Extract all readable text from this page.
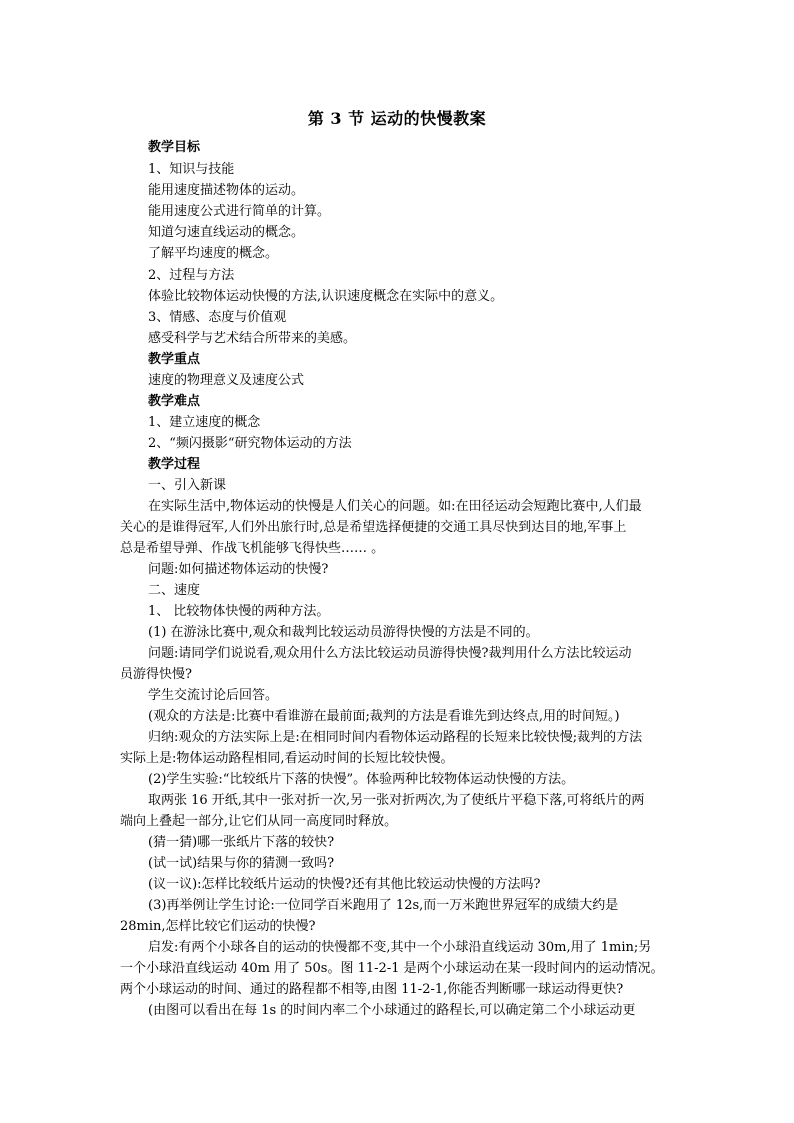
第 3 节 运动的快慢教案
教学目标
1、知识与技能
能用速度描述物体的运动。
能用速度公式进行简单的计算。
知道匀速直线运动的概念。
了解平均速度的概念。
2、过程与方法
体验比较物体运动快慢的方法,认识速度概念在实际中的意义。
3、情感、态度与价值观
感受科学与艺术结合所带来的美感。
教学重点
速度的物理意义及速度公式
教学难点
1、建立速度的概念
2、“频闪摄影“研究物体运动的方法
教学过程
一、引入新课
在实际生活中,物体运动的快慢是人们关心的问题。如:在田径运动会短跑比赛中,人们最
关心的是谁得冠军,人们外出旅行时,总是希望选择便捷的交通工具尽快到达目的地,军事上
总是希望导弹、作战飞机能够飞得快些…… 。
问题:如何描述物体运动的快慢?
二、速度
1、 比较物体快慢的两种方法。
(1) 在游泳比赛中,观众和裁判比较运动员游得快慢的方法是不同的。
问题:请同学们说说看,观众用什么方法比较运动员游得快慢?裁判用什么方法比较运动
员游得快慢?
学生交流讨论后回答。
(观众的方法是:比赛中看谁游在最前面;裁判的方法是看谁先到达终点,用的时间短。)
归纳:观众的方法实际上是:在相同时间内看物体运动路程的长短来比较快慢;裁判的方法
实际上是:物体运动路程相同,看运动时间的长短比较快慢。
(2)学生实验:“比较纸片下落的快慢”。体验两种比较物体运动快慢的方法。
取两张 16 开纸,其中一张对折一次,另一张对折两次,为了使纸片平稳下落,可将纸片的两
端向上叠起一部分,让它们从同一高度同时释放。
(猜一猜)哪一张纸片下落的较快?
(试一试)结果与你的猜测一致吗?
(议一议):怎样比较纸片运动的快慢?还有其他比较运动快慢的方法吗?
(3)再举例让学生讨论:一位同学百米跑用了 12s,而一万米跑世界冠军的成绩大约是
28min,怎样比较它们运动的快慢?
启发:有两个小球各自的运动的快慢都不变,其中一个小球沿直线运动 30m,用了 1min;另
一个小球沿直线运动 40m 用了 50s。图 11-2-1 是两个小球运动在某一段时间内的运动情况。
两个小球运动的时间、通过的路程都不相等,由图 11-2-1,你能否判断哪一球运动得更快?
(由图可以看出在每 1s 的时间内率二个小球通过的路程长,可以确定第二个小球运动更
